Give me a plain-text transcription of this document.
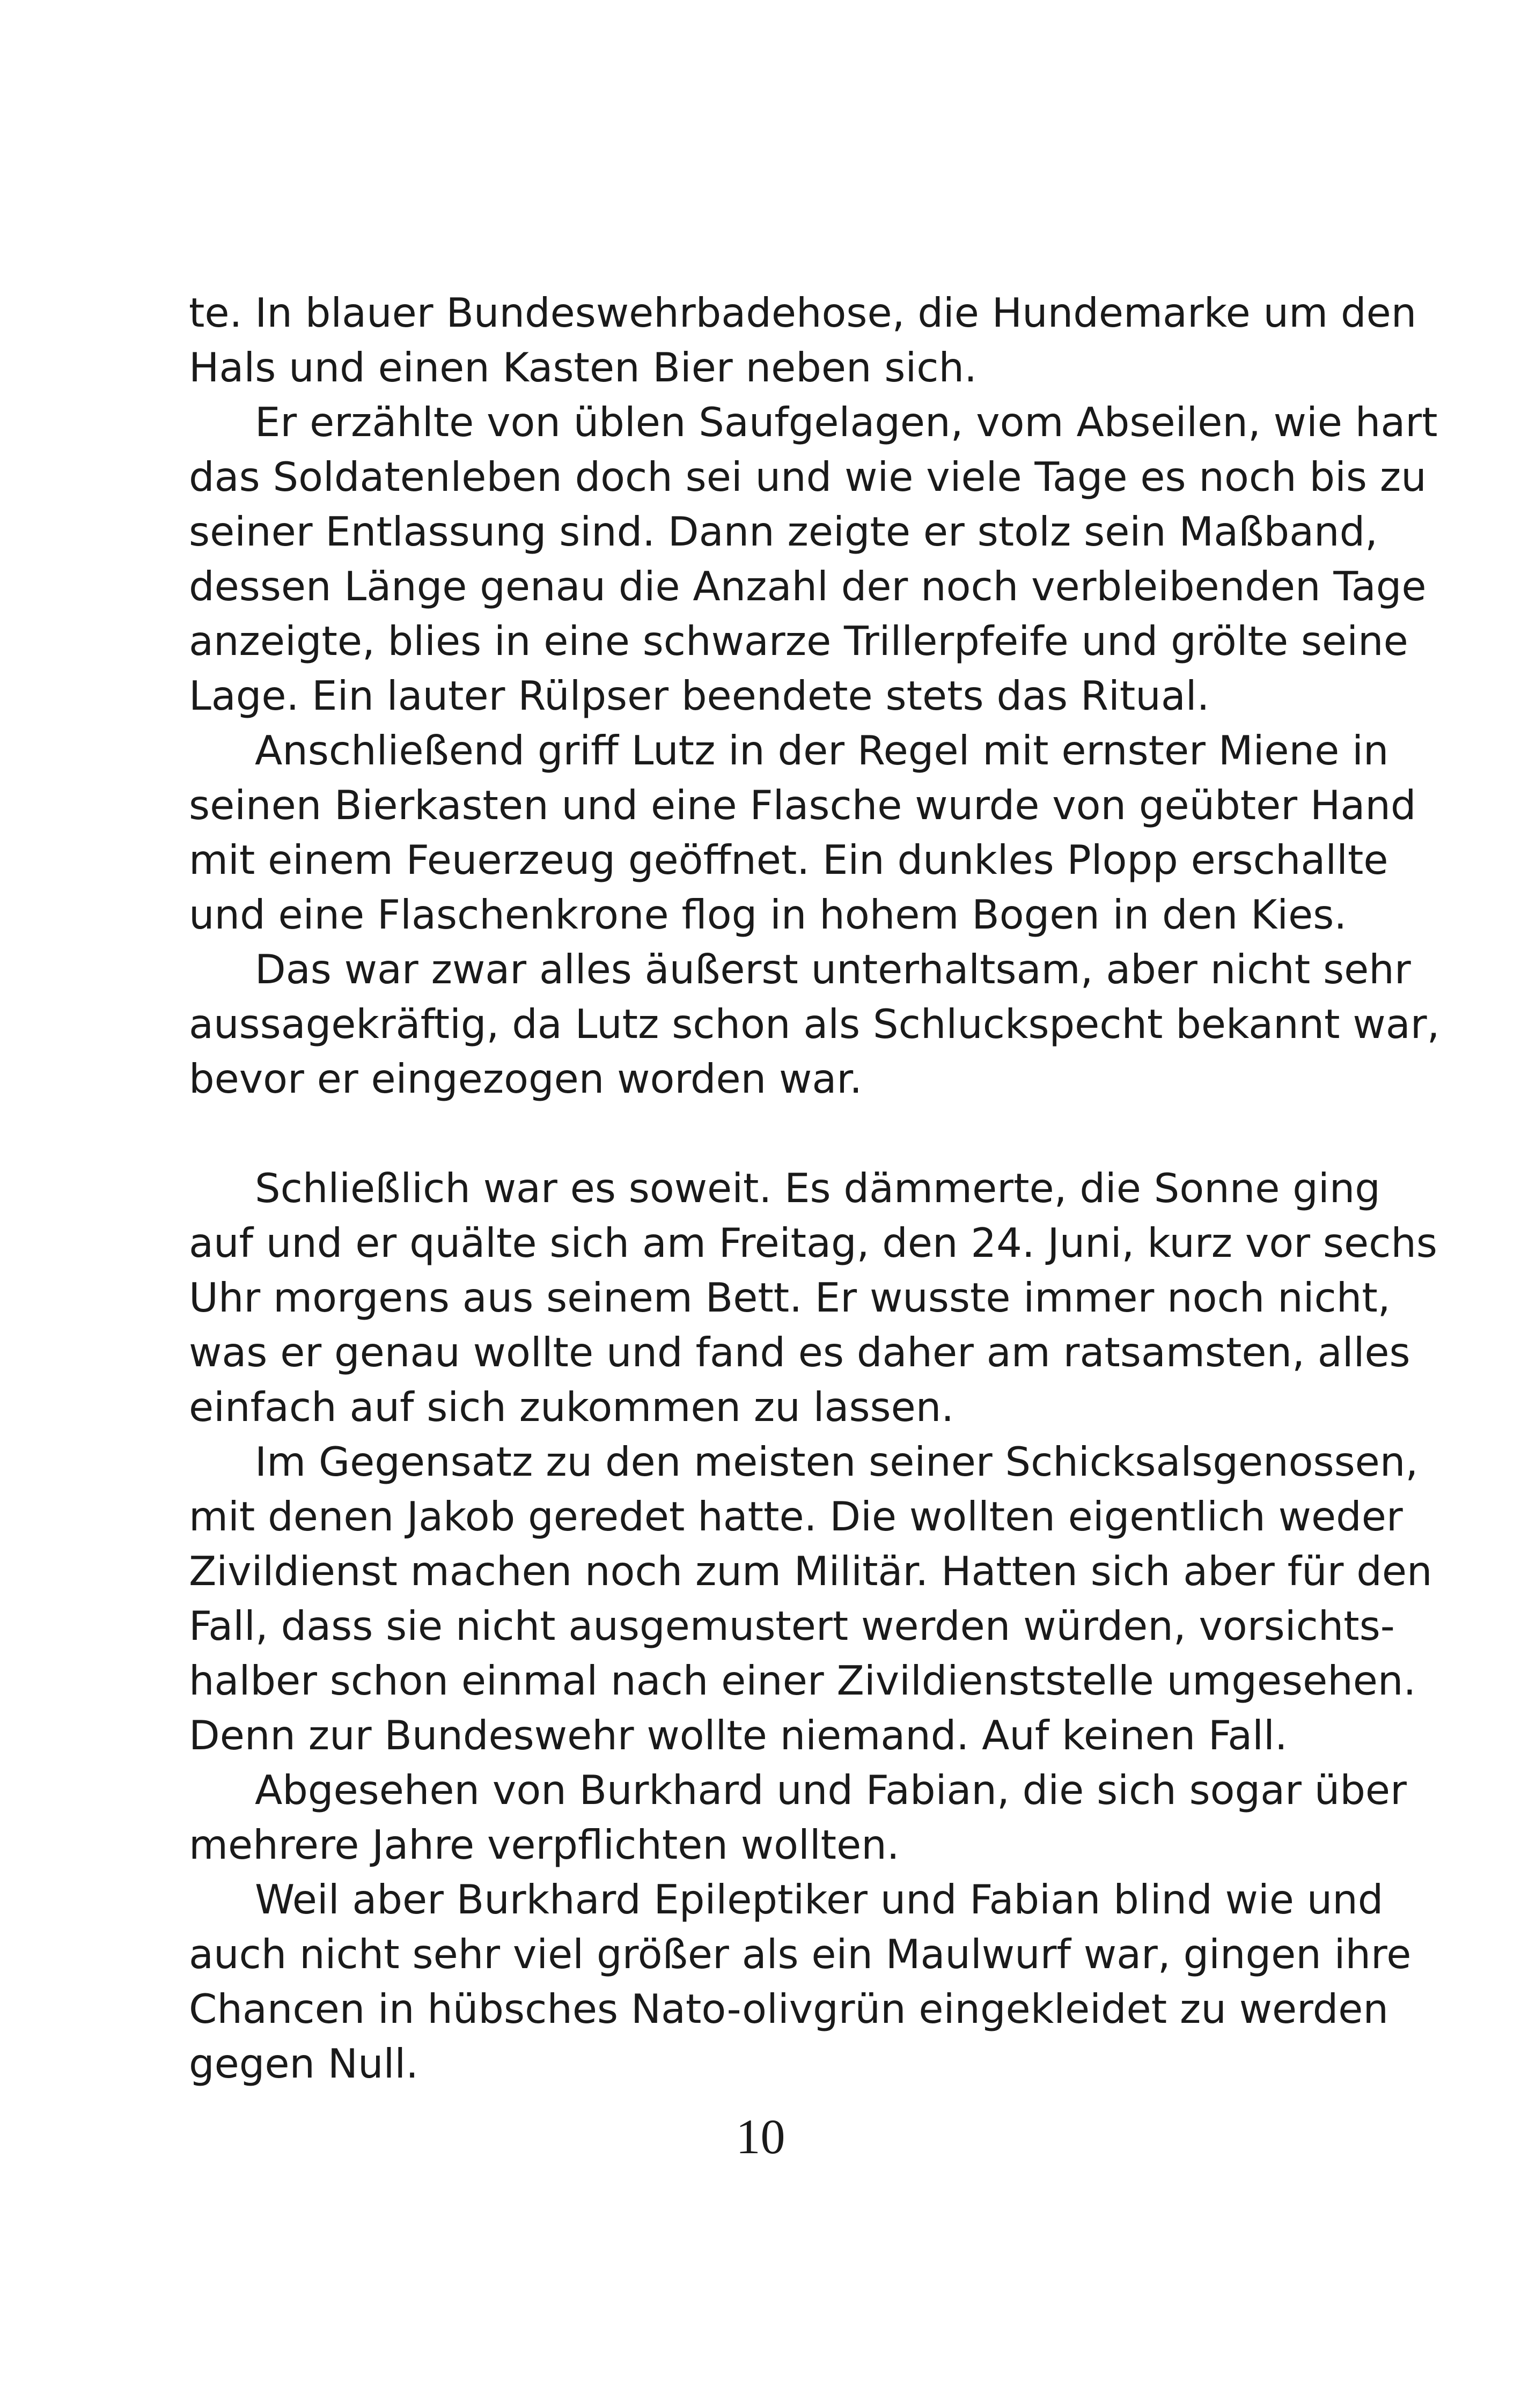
te. In blauer Bundeswehrbadehose, die Hundemarke um den
Hals und einen Kasten Bier neben sich.
Er erzählte von üblen Saufgelagen, vom Abseilen, wie hart
das Soldatenleben doch sei und wie viele Tage es noch bis zu
seiner Entlassung sind. Dann zeigte er stolz sein Maßband,
dessen Länge genau die Anzahl der noch verbleibenden Tage
anzeigte, blies in eine schwarze Trillerpfeife und grölte seine
Lage. Ein lauter Rülpser beendete stets das Ritual.
Anschließend griff Lutz in der Regel mit ernster Miene in
seinen Bierkasten und eine Flasche wurde von geübter Hand
mit einem Feuerzeug geöffnet. Ein dunkles Plopp erschallte
und eine Flaschenkrone flog in hohem Bogen in den Kies.
Das war zwar alles äußerst unterhaltsam, aber nicht sehr
aussagekräftig, da Lutz schon als Schluckspecht bekannt war,
bevor er eingezogen worden war.
Schließlich war es soweit. Es dämmerte, die Sonne ging
auf und er quälte sich am Freitag, den 24. Juni, kurz vor sechs
Uhr morgens aus seinem Bett. Er wusste immer noch nicht,
was er genau wollte und fand es daher am ratsamsten, alles
einfach auf sich zukommen zu lassen.
Im Gegensatz zu den meisten seiner Schicksalsgenossen,
mit denen Jakob geredet hatte. Die wollten eigentlich weder
Zivildienst machen noch zum Militär. Hatten sich aber für den
Fall, dass sie nicht ausgemustert werden würden, vorsichts-
halber schon einmal nach einer Zivildienststelle umgesehen.
Denn zur Bundeswehr wollte niemand. Auf keinen Fall.
Abgesehen von Burkhard und Fabian, die sich sogar über
mehrere Jahre verpflichten wollten.
Weil aber Burkhard Epileptiker und Fabian blind wie und
auch nicht sehr viel größer als ein Maulwurf war, gingen ihre
Chancen in hübsches Nato-olivgrün eingekleidet zu werden
gegen Null.
10
